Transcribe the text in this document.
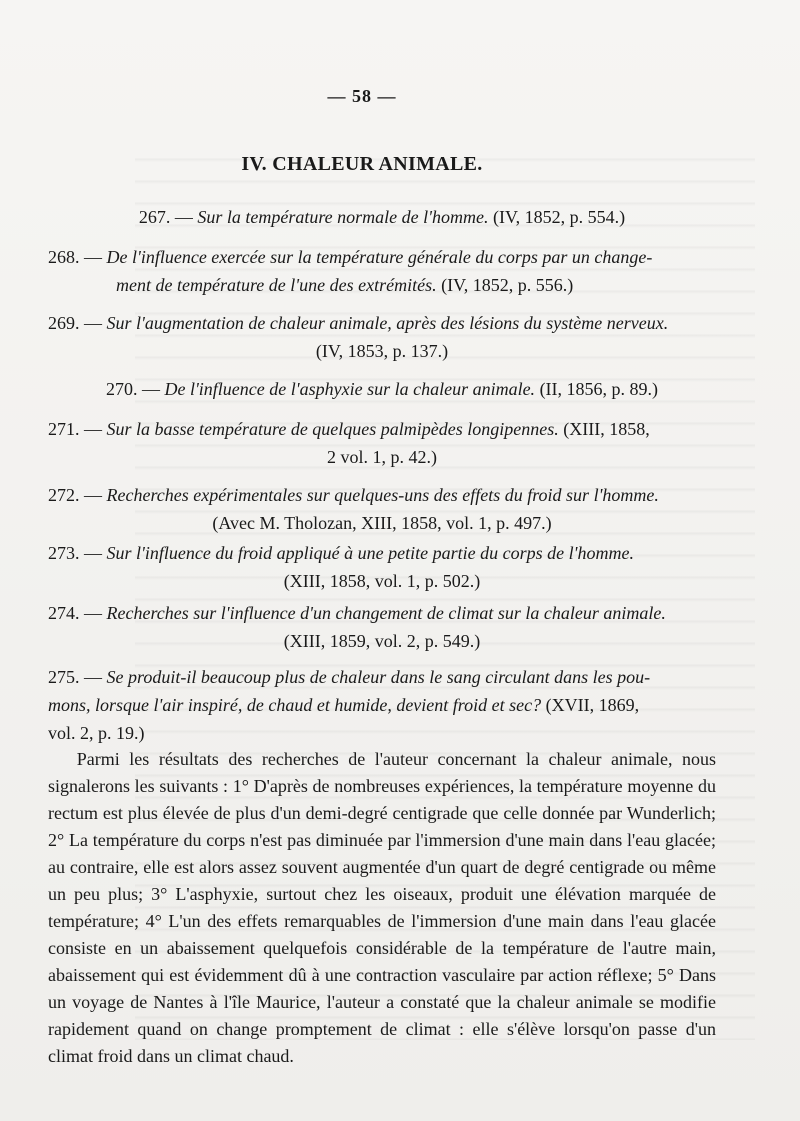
— 58 —
IV. CHALEUR ANIMALE.
267. — Sur la température normale de l'homme. (IV, 1852, p. 554.)
268. — De l'influence exercée sur la température générale du corps par un change-
ment de température de l'une des extrémités. (IV, 1852, p. 556.)
269. — Sur l'augmentation de chaleur animale, après des lésions du système nerveux.
(IV, 1853, p. 137.)
270. — De l'influence de l'asphyxie sur la chaleur animale. (II, 1856, p. 89.)
271. — Sur la basse température de quelques palmipèdes longipennes. (XIII, 1858,
2 vol. 1, p. 42.)
272. — Recherches expérimentales sur quelques-uns des effets du froid sur l'homme.
(Avec M. Tholozan, XIII, 1858, vol. 1, p. 497.)
273. — Sur l'influence du froid appliqué à une petite partie du corps de l'homme.
(XIII, 1858, vol. 1, p. 502.)
274. — Recherches sur l'influence d'un changement de climat sur la chaleur animale.
(XIII, 1859, vol. 2, p. 549.)
275. — Se produit-il beaucoup plus de chaleur dans le sang circulant dans les pou-
mons, lorsque l'air inspiré, de chaud et humide, devient froid et sec? (XVII, 1869,
vol. 2, p. 19.)
Parmi les résultats des recherches de l'auteur concernant la chaleur animale, nous signalerons les suivants : 1° D'après de nombreuses expériences, la température moyenne du rectum est plus élevée de plus d'un demi-degré centigrade que celle donnée par Wunderlich; 2° La température du corps n'est pas diminuée par l'immersion d'une main dans l'eau glacée; au contraire, elle est alors assez souvent augmentée d'un quart de degré centigrade ou même un peu plus; 3° L'asphyxie, surtout chez les oiseaux, produit une élévation marquée de température; 4° L'un des effets remarquables de l'immersion d'une main dans l'eau glacée consiste en un abaissement quelquefois considérable de la température de l'autre main, abaissement qui est évidemment dû à une contraction vasculaire par action réflexe; 5° Dans un voyage de Nantes à l'île Maurice, l'auteur a constaté que la chaleur animale se modifie rapidement quand on change promptement de climat : elle s'élève lorsqu'on passe d'un climat froid dans un climat chaud.
